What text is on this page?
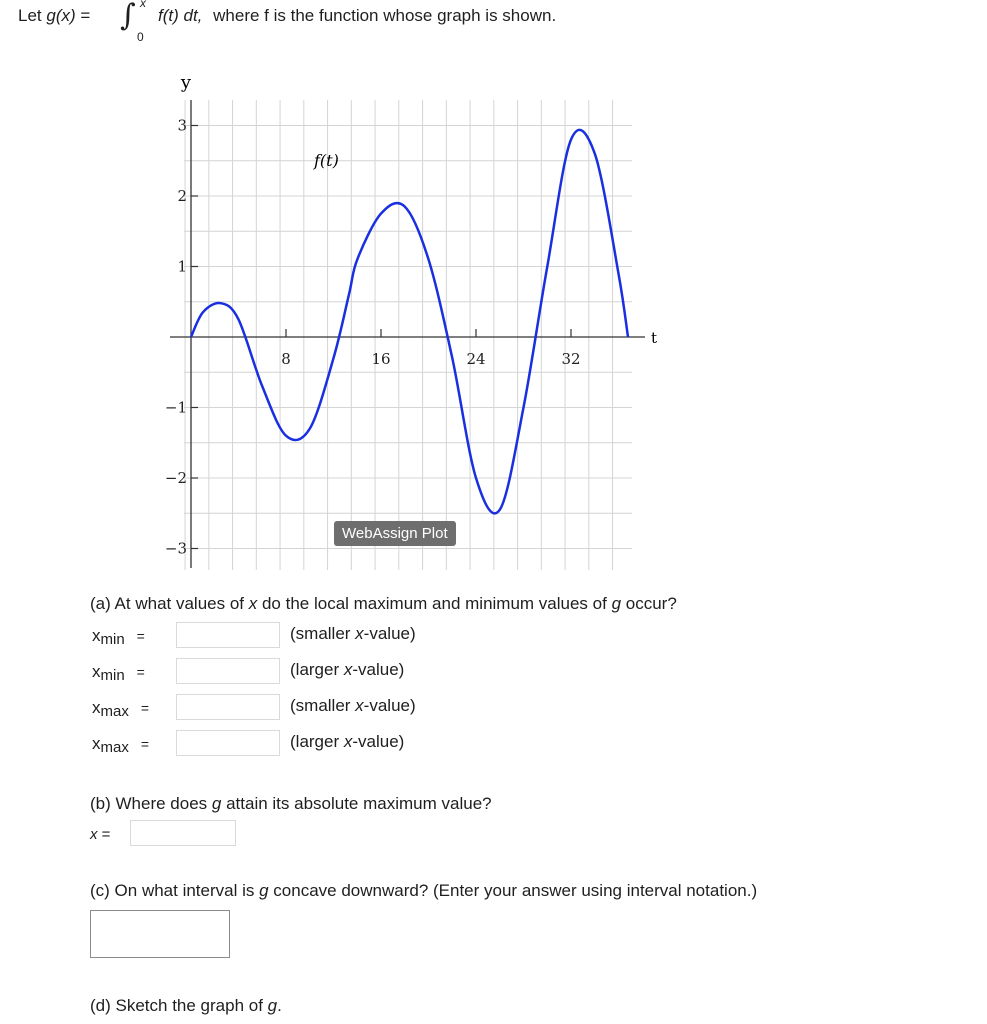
Let g(x) = ∫
0
x
f(t) dt, where f is the function whose graph is shown.
8	16	24	32
−3
−2
−1
1
2
3
f(t)
t
y
WebAssign Plot
(a) At what values of x do the local maximum and minimum values of g occur?
xmin =	(smaller x-value)
xmin =	(larger x-value)
xmax =	(smaller x-value)
xmax =	(larger x-value)
(b) Where does g attain its absolute maximum value?
x =
(c) On what interval is g concave downward? (Enter your answer using interval notation.)
(d) Sketch the graph of g.
